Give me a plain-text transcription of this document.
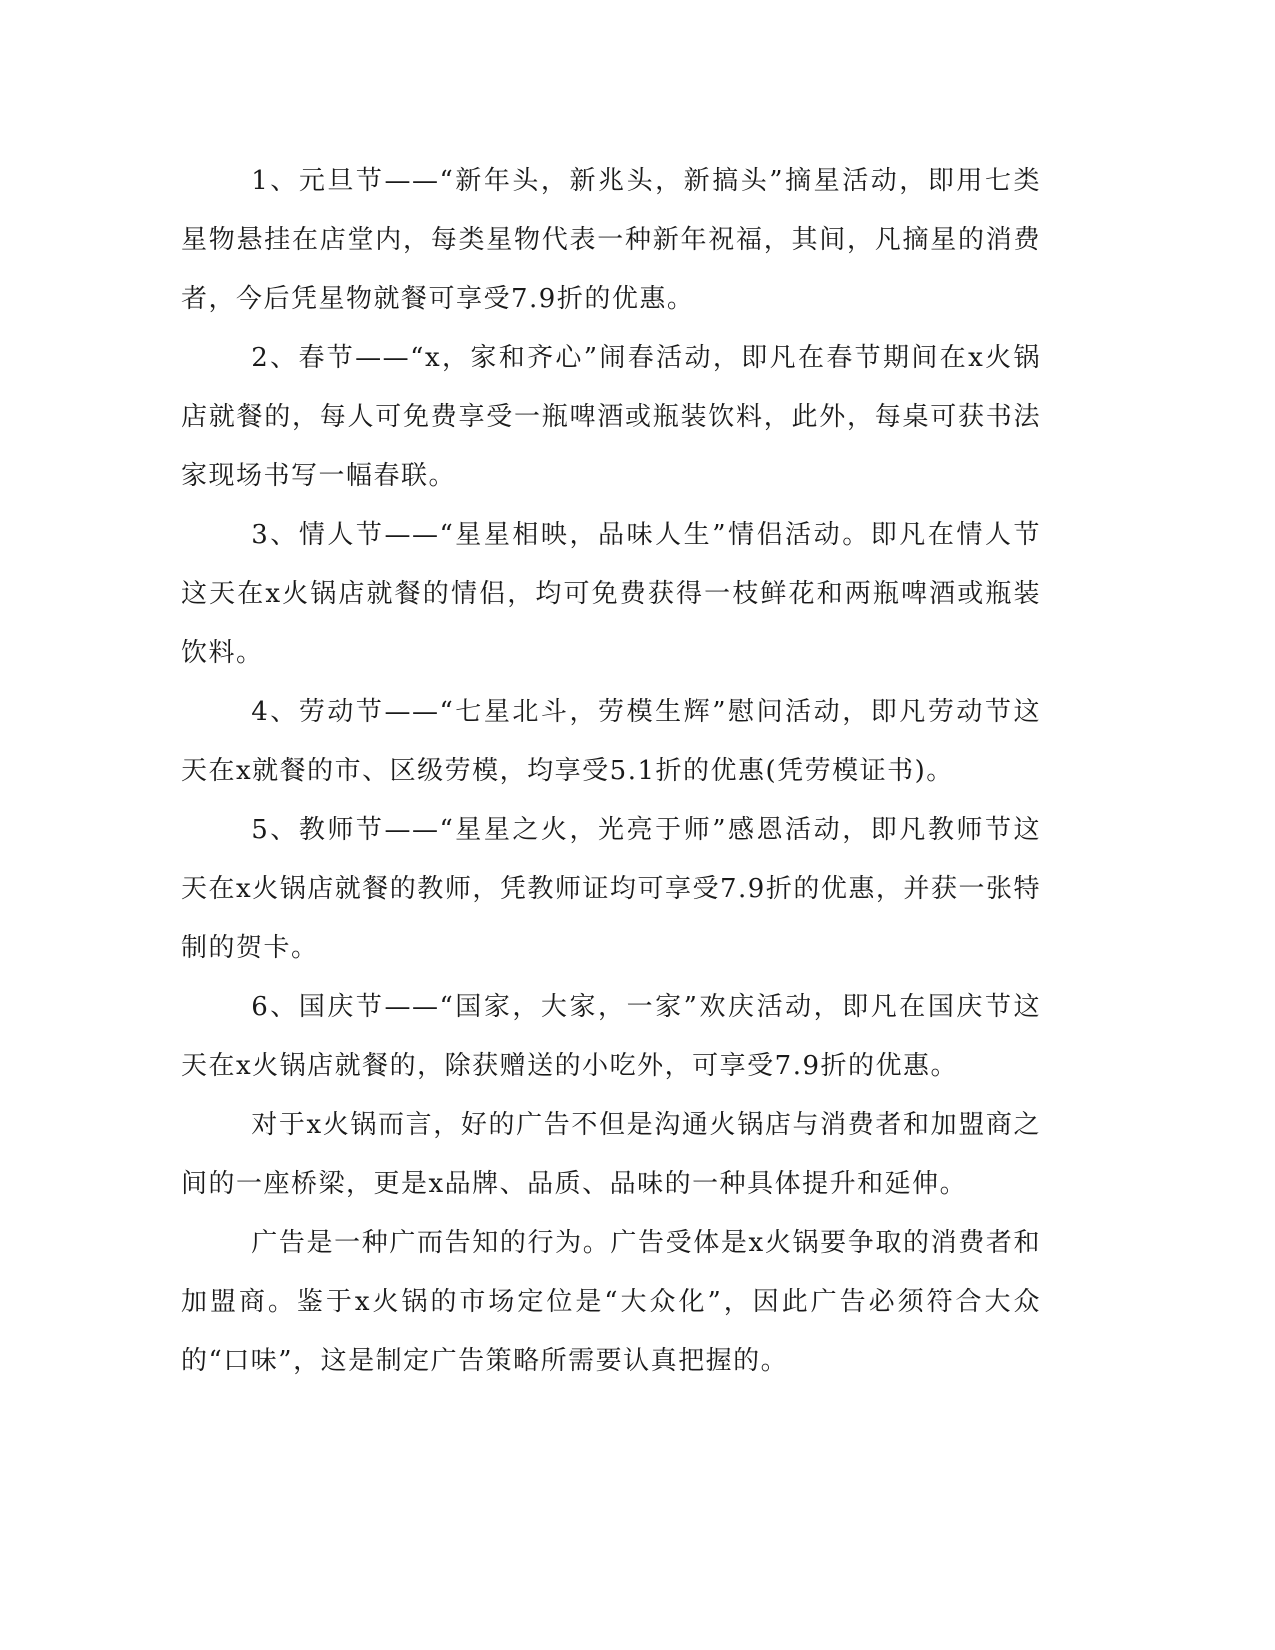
1、元旦节——“新年头，新兆头，新搞头”摘星活动，即用七类星物悬挂在店堂内，每类星物代表一种新年祝福，其间，凡摘星的消费者，今后凭星物就餐可享受7.9折的优惠。

2、春节——“x，家和齐心”闹春活动，即凡在春节期间在x火锅店就餐的，每人可免费享受一瓶啤酒或瓶装饮料，此外，每桌可获书法家现场书写一幅春联。

3、情人节——“星星相映，品味人生”情侣活动。即凡在情人节这天在x火锅店就餐的情侣，均可免费获得一枝鲜花和两瓶啤酒或瓶装饮料。

4、劳动节——“七星北斗，劳模生辉”慰问活动，即凡劳动节这天在x就餐的市、区级劳模，均享受5.1折的优惠(凭劳模证书)。

5、教师节——“星星之火，光亮于师”感恩活动，即凡教师节这天在x火锅店就餐的教师，凭教师证均可享受7.9折的优惠，并获一张特制的贺卡。

6、国庆节——“国家，大家，一家”欢庆活动，即凡在国庆节这天在x火锅店就餐的，除获赠送的小吃外，可享受7.9折的优惠。

对于x火锅而言，好的广告不但是沟通火锅店与消费者和加盟商之间的一座桥梁，更是x品牌、品质、品味的一种具体提升和延伸。

广告是一种广而告知的行为。广告受体是x火锅要争取的消费者和加盟商。鉴于x火锅的市场定位是“大众化”，因此广告必须符合大众的“口味”，这是制定广告策略所需要认真把握的。
